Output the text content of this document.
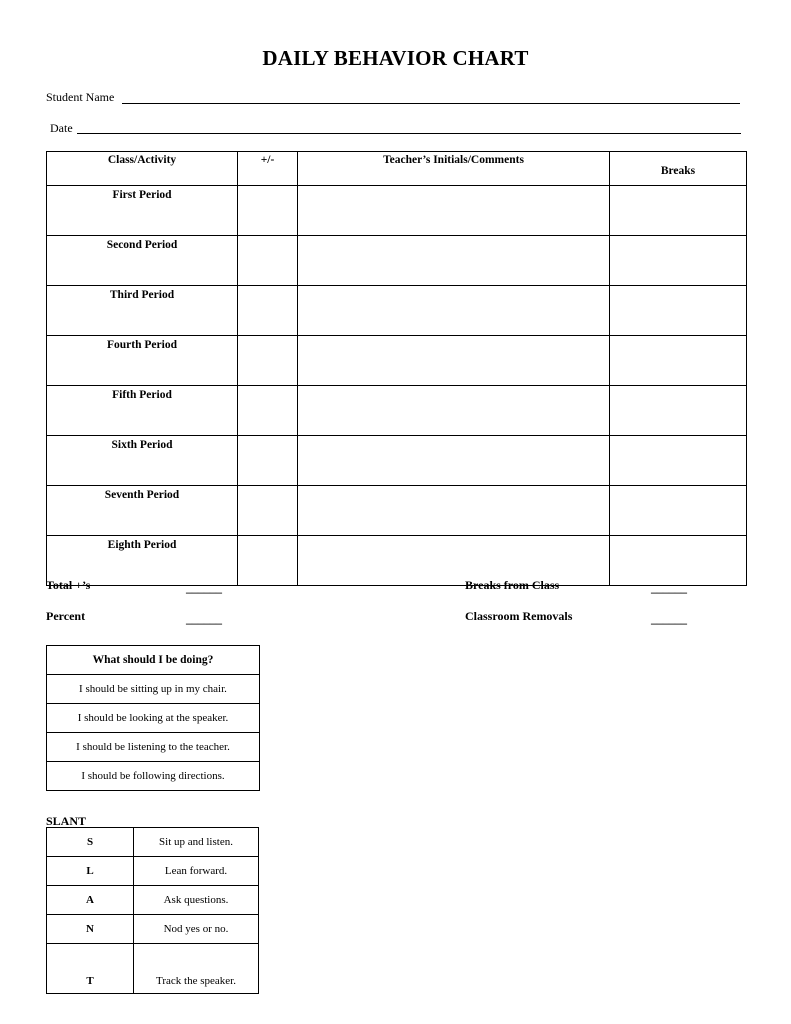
DAILY BEHAVIOR CHART
Student Name
Date
Class/Activity	+/-	Teacher’s Initials/Comments	Breaks
First Period			
Second Period			
Third Period			
Fourth Period			
Fifth Period			
Sixth Period			
Seventh Period			
Eighth Period			
Total +’s	______
Percent	______
Breaks from Class	______
Classroom Removals	______
What should I be doing?
I should be sitting up in my chair.
I should be looking at the speaker.
I should be listening to the teacher.
I should be following directions.
SLANT
S	Sit up and listen.
L	Lean forward.
A	Ask questions.
N	Nod yes or no.
T	Track the speaker.
